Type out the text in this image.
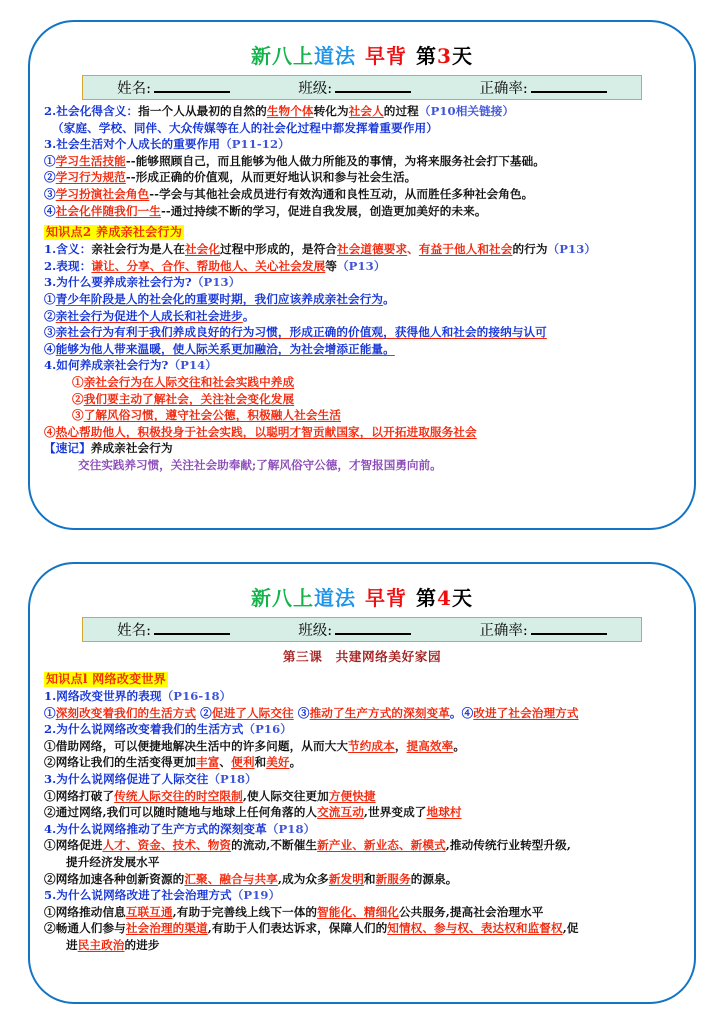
新八上道法 早背 第3天
姓名:	班级:	正确率:
2.社会化得含义：指一个人从最初的自然的生物个体转化为社会人的过程（P10相关链接）
（家庭、学校、同伴、大众传媒等在人的社会化过程中都发挥着重要作用）
3.社会生活对个人成长的重要作用（P11-12）
①学习生活技能--能够照顾自己，而且能够为他人做力所能及的事情，为将来服务社会打下基础。
②学习行为规范--形成正确的价值观，从而更好地认识和参与社会生活。
③学习扮演社会角色--学会与其他社会成员进行有效沟通和良性互动，从而胜任多种社会角色。
④社会化伴随我们一生--通过持续不断的学习，促进自我发展，创造更加美好的未来。
知识点2 养成亲社会行为
1.含义：亲社会行为是人在社会化过程中形成的，是符合社会道德要求、有益于他人和社会的行为（P13）
2.表现：谦让、分享、合作、帮助他人、关心社会发展等（P13）
3.为什么要养成亲社会行为?（P13）
①青少年阶段是人的社会化的重要时期，我们应该养成亲社会行为。
②亲社会行为促进个人成长和社会进步。
③亲社会行为有利于我们养成良好的行为习惯，形成正确的价值观，获得他人和社会的接纳与认可
④能够为他人带来温暖，使人际关系更加融洽，为社会增添正能量。
4.如何养成亲社会行为?（P14）
①亲社会行为在人际交往和社会实践中养成
②我们要主动了解社会，关注社会变化发展
③了解风俗习惯，遵守社会公德，积极融人社会生活
④热心帮助他人，积极投身于社会实践，以聪明才智贡献国家，以开拓进取服务社会
【速记】养成亲社会行为
交往实践养习惯，关注社会助奉献;了解风俗守公德，才智报国勇向前。
新八上道法 早背 第4天
姓名:	班级:	正确率:
第三课　共建网络美好家园
知识点l 网络改变世界
1.网络改变世界的表现（P16-18）
①深刻改变着我们的生活方式 ②促进了人际交往 ③推动了生产方式的深刻变革。④改进了社会治理方式
2.为什么说网络改变着我们的生活方式（P16）
①借助网络，可以便捷地解决生活中的许多问题，从而大大节约成本，提高效率。
②网络让我们的生活变得更加丰富、便利和美好。
3.为什么说网络促进了人际交往（P18）
①网络打破了传统人际交往的时空限制,使人际交往更加方便快捷
②通过网络,我们可以随时随地与地球上任何角落的人交流互动,世界变成了地球村
4.为什么说网络推动了生产方式的深刻变革（P18）
①网络促进人才、资金、技术、物资的流动,不断催生新产业、新业态、新模式,推动传统行业转型升级,
提升经济发展水平
②网络加速各种创新资源的汇聚、融合与共享,成为众多新发明和新服务的源泉。
5.为什么说网络改进了社会治理方式（P19）
①网络推动信息互联互通,有助于完善线上线下一体的智能化、精细化公共服务,提高社会治理水平
②畅通人们参与社会治理的渠道,有助于人们表达诉求，保障人们的知情权、参与权、表达权和监督权,促
进民主政治的进步
